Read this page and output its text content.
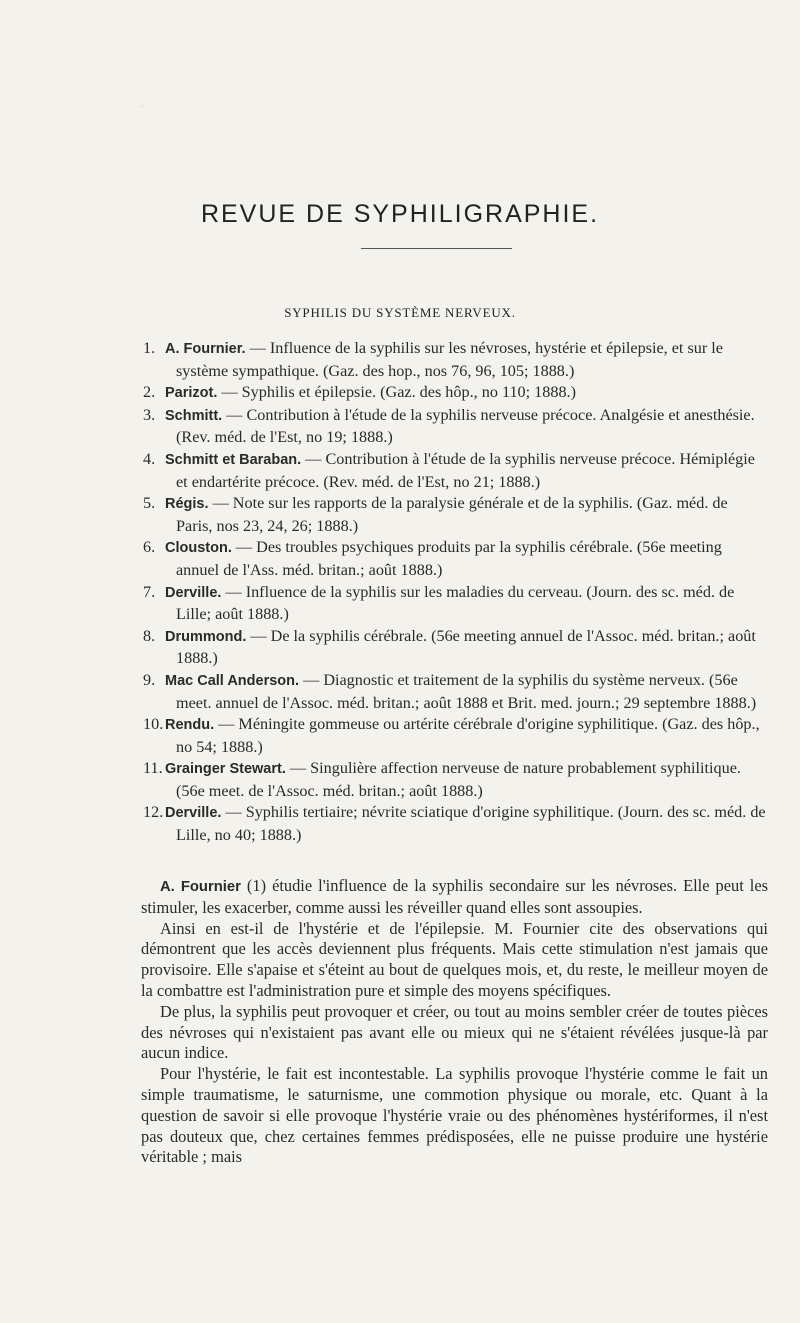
·
REVUE DE SYPHILIGRAPHIE.
SYPHILIS DU SYSTÈME NERVEUX.

1. A. Fournier. — Influence de la syphilis sur les névroses, hystérie et épilepsie, et sur le système sympathique. (Gaz. des hop., nos 76, 96, 105; 1888.)

2. Parizot. — Syphilis et épilepsie. (Gaz. des hôp., no 110; 1888.)

3. Schmitt. — Contribution à l'étude de la syphilis nerveuse précoce. Analgésie et anesthésie. (Rev. méd. de l'Est, no 19; 1888.)

4. Schmitt et Baraban. — Contribution à l'étude de la syphilis nerveuse précoce. Hémiplégie et endartérite précoce. (Rev. méd. de l'Est, no 21; 1888.)

5. Régis. — Note sur les rapports de la paralysie générale et de la syphilis. (Gaz. méd. de Paris, nos 23, 24, 26; 1888.)

6. Clouston. — Des troubles psychiques produits par la syphilis cérébrale. (56e meeting annuel de l'Ass. méd. britan.; août 1888.)

7. Derville. — Influence de la syphilis sur les maladies du cerveau. (Journ. des sc. méd. de Lille; août 1888.)

8. Drummond. — De la syphilis cérébrale. (56e meeting annuel de l'Assoc. méd. britan.; août 1888.)

9. Mac Call Anderson. — Diagnostic et traitement de la syphilis du système nerveux. (56e meet. annuel de l'Assoc. méd. britan.; août 1888 et Brit. med. journ.; 29 septembre 1888.)

10. Rendu. — Méningite gommeuse ou artérite cérébrale d'origine syphilitique. (Gaz. des hôp., no 54; 1888.)

11. Grainger Stewart. — Singulière affection nerveuse de nature probablement syphilitique. (56e meet. de l'Assoc. méd. britan.; août 1888.)

12. Derville. — Syphilis tertiaire; névrite sciatique d'origine syphilitique. (Journ. des sc. méd. de Lille, no 40; 1888.)

A. Fournier (1) étudie l'influence de la syphilis secondaire sur les névroses. Elle peut les stimuler, les exacerber, comme aussi les réveiller quand elles sont assoupies.

Ainsi en est-il de l'hystérie et de l'épilepsie. M. Fournier cite des observations qui démontrent que les accès deviennent plus fréquents. Mais cette stimulation n'est jamais que provisoire. Elle s'apaise et s'éteint au bout de quelques mois, et, du reste, le meilleur moyen de la combattre est l'administration pure et simple des moyens spécifiques.

De plus, la syphilis peut provoquer et créer, ou tout au moins sembler créer de toutes pièces des névroses qui n'existaient pas avant elle ou mieux qui ne s'étaient révélées jusque-là par aucun indice.

Pour l'hystérie, le fait est incontestable. La syphilis provoque l'hystérie comme le fait un simple traumatisme, le saturnisme, une commotion physique ou morale, etc. Quant à la question de savoir si elle provoque l'hystérie vraie ou des phénomènes hystériformes, il n'est pas douteux que, chez certaines femmes prédisposées, elle ne puisse produire une hystérie véritable ; mais
